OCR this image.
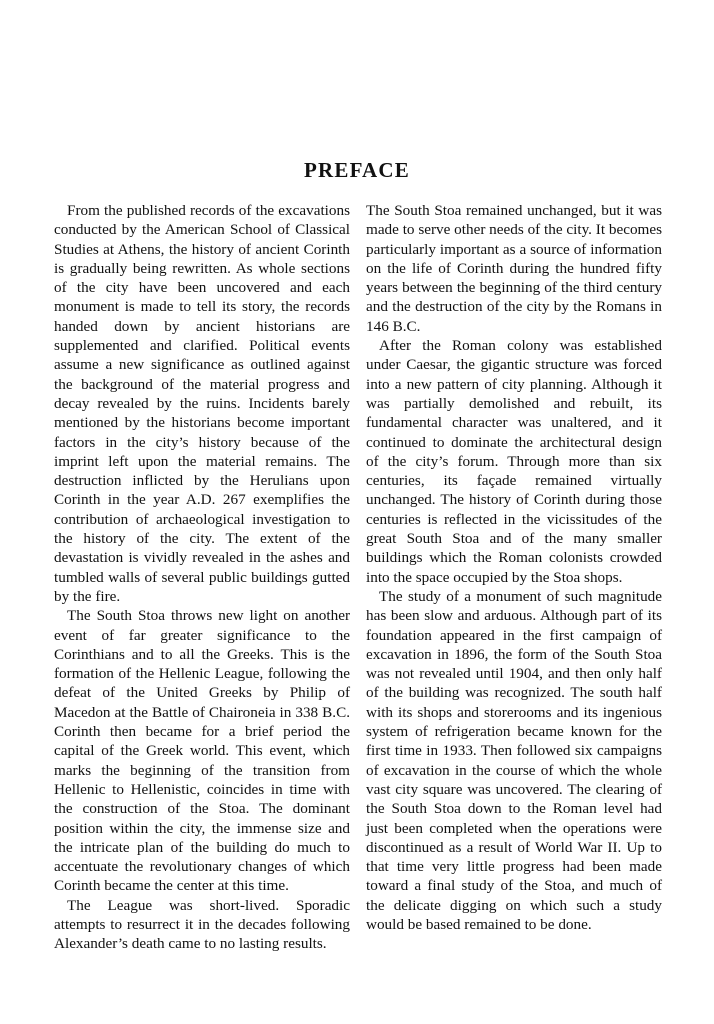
PREFACE

From the published records of the excavations conducted by the American School of Classical Studies at Athens, the history of ancient Corinth is gradually being rewritten. As whole sections of the city have been uncovered and each monument is made to tell its story, the records handed down by ancient historians are supplemented and clarified. Political events assume a new significance as outlined against the background of the material progress and decay revealed by the ruins. Incidents barely mentioned by the historians become important factors in the city’s history because of the imprint left upon the material remains. The destruction inflicted by the Herulians upon Corinth in the year A.D. 267 exemplifies the contribution of archaeological investigation to the history of the city. The extent of the devastation is vividly revealed in the ashes and tumbled walls of several public buildings gutted by the fire.

The South Stoa throws new light on another event of far greater significance to the Corinthians and to all the Greeks. This is the formation of the Hellenic League, following the defeat of the United Greeks by Philip of Macedon at the Battle of Chaironeia in 338 B.C. Corinth then became for a brief period the capital of the Greek world. This event, which marks the beginning of the transition from Hellenic to Hellenistic, coincides in time with the construction of the Stoa. The dominant position within the city, the immense size and the intricate plan of the building do much to accentuate the revolutionary changes of which Corinth became the center at this time.

The League was short-lived. Sporadic attempts to resurrect it in the decades following Alexander’s death came to no lasting results.

The South Stoa remained unchanged, but it was made to serve other needs of the city. It becomes particularly important as a source of information on the life of Corinth during the hundred fifty years between the beginning of the third century and the destruction of the city by the Romans in 146 B.C.

After the Roman colony was established under Caesar, the gigantic structure was forced into a new pattern of city planning. Although it was partially demolished and rebuilt, its fundamental character was unaltered, and it continued to dominate the architectural design of the city’s forum. Through more than six centuries, its façade remained virtually unchanged. The history of Corinth during those centuries is reflected in the vicissitudes of the great South Stoa and of the many smaller buildings which the Roman colonists crowded into the space occupied by the Stoa shops.

The study of a monument of such magnitude has been slow and arduous. Although part of its foundation appeared in the first campaign of excavation in 1896, the form of the South Stoa was not revealed until 1904, and then only half of the building was recognized. The south half with its shops and storerooms and its ingenious system of refrigeration became known for the first time in 1933. Then followed six campaigns of excavation in the course of which the whole vast city square was uncovered. The clearing of the South Stoa down to the Roman level had just been completed when the operations were discontinued as a result of World War II. Up to that time very little progress had been made toward a final study of the Stoa, and much of the delicate digging on which such a study would be based remained to be done.
